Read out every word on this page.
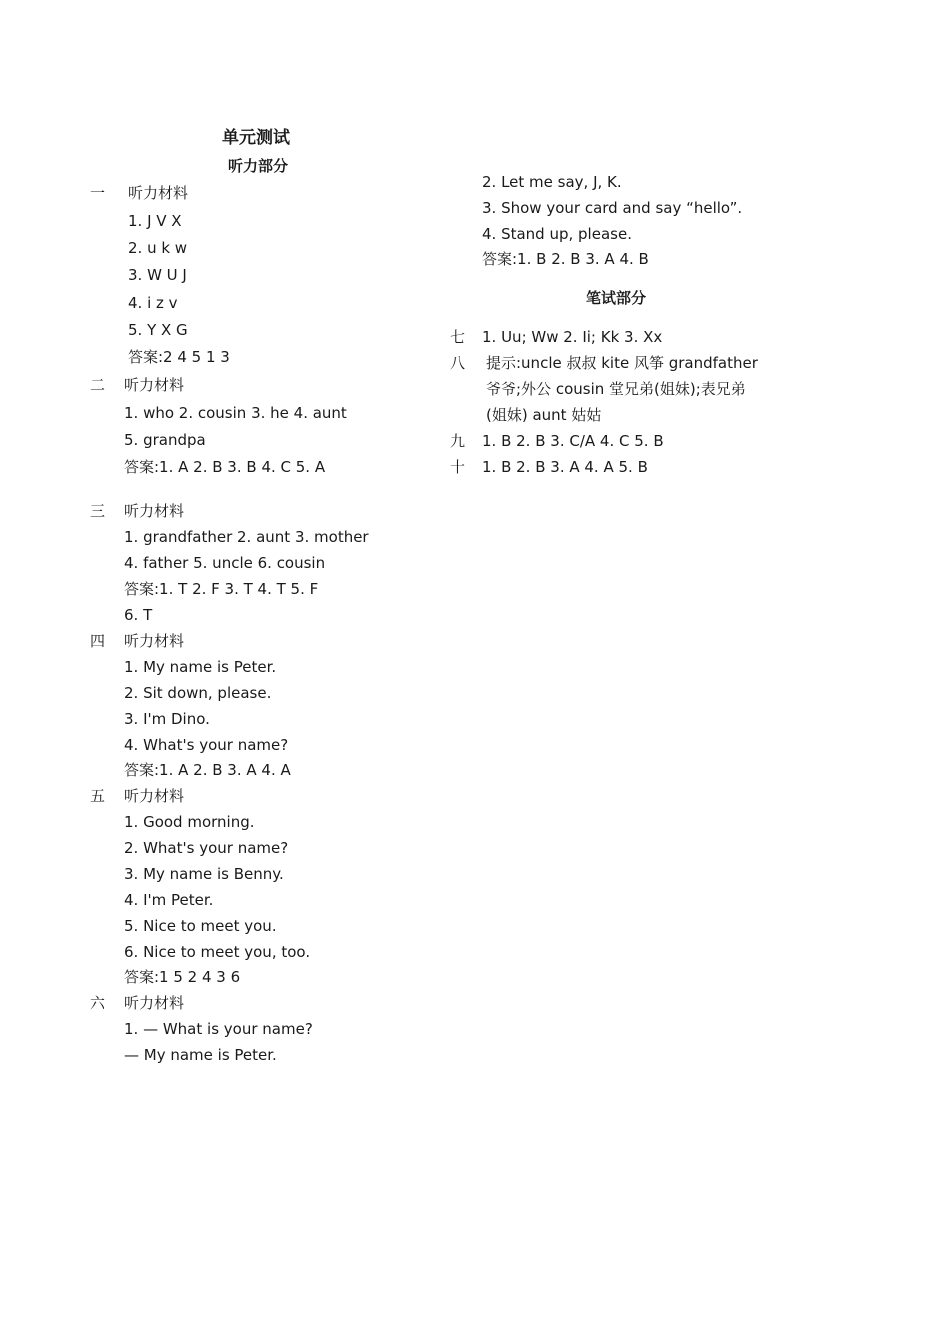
单元测试
听力部分
一 听力材料
1. J V X
2. u k w
3. W U J
4. i z v
5. Y X G
答案:2 4 5 1 3
二 听力材料
1. who 2. cousin 3. he 4. aunt
5. grandpa
答案:1. A 2. B 3. B 4. C 5. A
三 听力材料
1. grandfather 2. aunt 3. mother
4. father 5. uncle 6. cousin
答案:1. T 2. F 3. T 4. T 5. F
6. T
四 听力材料
1. My name is Peter.
2. Sit down, please.
3. I'm Dino.
4. What's your name?
答案:1. A 2. B 3. A 4. A
五 听力材料
1. Good morning.
2. What's your name?
3. My name is Benny.
4. I'm Peter.
5. Nice to meet you.
6. Nice to meet you, too.
答案:1 5 2 4 3 6
六 听力材料
1. — What is your name?
— My name is Peter.
2. Let me say, J, K.
3. Show your card and say “hello”.
4. Stand up, please.
答案:1. B 2. B 3. A 4. B
笔试部分
七 1. Uu; Ww 2. Ii; Kk 3. Xx
八 提示:uncle 叔叔 kite 风筝 grandfather
爷爷;外公 cousin 堂兄弟(姐妹);表兄弟
(姐妹) aunt 姑姑
九 1. B 2. B 3. C/A 4. C 5. B
十 1. B 2. B 3. A 4. A 5. B
